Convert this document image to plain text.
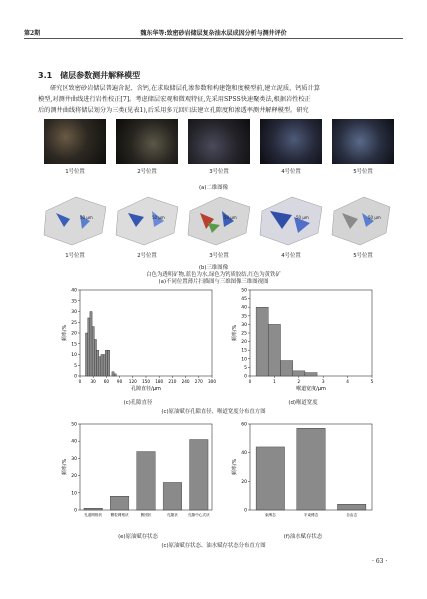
第2期	魏东华等:致密砂岩储层复杂油水层成因分析与测井评价
3.1　储层参数测井解释模型
研究区致密砂岩储层普遍含泥、含钙,在求取储层孔渗参数和构建饱和度模型前,建立泥质、钙质计算
模型,对测井曲线进行岩性校正[7]。考虑储层宏观和微观特征,先采用SPSS快速聚类法,根据岩性校正
后的测井曲线将储层划分为三类(见表1),后采用多元回归法建立孔隙度和渗透率测井解释模型。研究
1号位置	2号位置	3号位置	4号位置	5号位置
(a)二维图像
50 μm	50 μm	50 μm	50 μm	50 μm
1号位置	2号位置	3号位置	4号位置	5号位置
(b)三维图像
白色为透明矿物,蓝色为水,绿色为钙质胶结,红色为黄铁矿
(a)不同位置薄片扫描图与三维图像三维图视图
0
5
10
15
20
25
30
35
40
频率/%
0 30 60 90 120 150 180 210 240 270 300
孔隙直径/μm
0
5
10
15
20
25
30
35
40
45
50
频率/%
0	1	2	3	4	5
喉道宽度/μm
(c)孔隙直径	(d)喉道宽度
(c)原油赋存孔隙直径、喉道宽度分布直方图
0
10
20
30
40
50
频率/%
孔道网格状 颗粒网格状	簇团状	孔隙状	孔隙中心式状
0
20
40
60
频率/%
束缚态	半束缚态	自由态
(e)原油赋存状态	(f)油水赋存状态
(c)原油赋存状态、油水赋存状态分布直方图
· 63 ·
